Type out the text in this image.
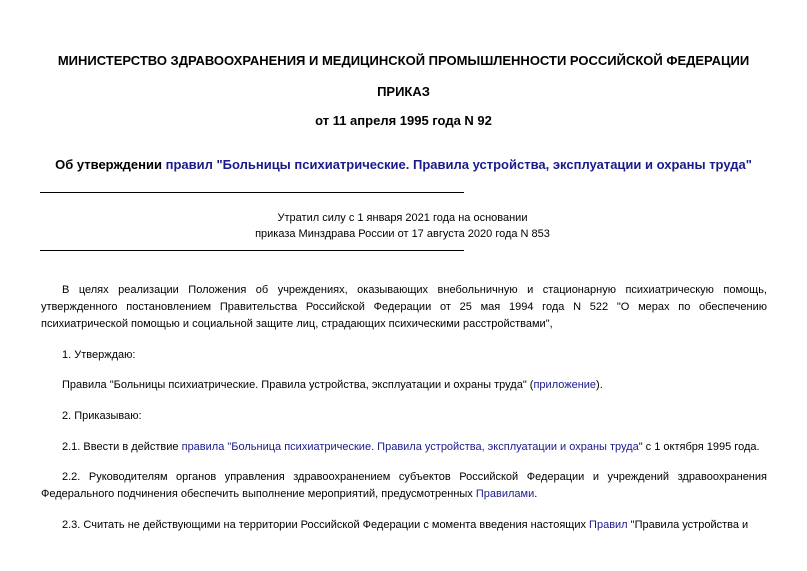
МИНИСТЕРСТВО ЗДРАВООХРАНЕНИЯ И МЕДИЦИНСКОЙ ПРОМЫШЛЕННОСТИ РОССИЙСКОЙ ФЕДЕРАЦИИ
ПРИКАЗ
от 11 апреля 1995 года N 92
Об утверждении правил "Больницы психиатрические. Правила устройства, эксплуатации и охраны труда"
Утратил силу с 1 января 2021 года на основании
приказа Минздрава России от 17 августа 2020 года N 853
В целях реализации Положения об учреждениях, оказывающих внебольничную и стационарную психиатрическую помощь, утвержденного постановлением Правительства Российской Федерации от 25 мая 1994 года N 522 "О мерах по обеспечению психиатрической помощью и социальной защите лиц, страдающих психическими расстройствами",
1. Утверждаю:
Правила "Больницы психиатрические. Правила устройства, эксплуатации и охраны труда" (приложение).
2. Приказываю:
2.1. Ввести в действие правила "Больница психиатрические. Правила устройства, эксплуатации и охраны труда" с 1 октября 1995 года.
2.2. Руководителям органов управления здравоохранением субъектов Российской Федерации и учреждений здравоохранения Федерального подчинения обеспечить выполнение мероприятий, предусмотренных Правилами.
2.3. Считать не действующими на территории Российской Федерации с момента введения настоящих Правил "Правила устройства и
